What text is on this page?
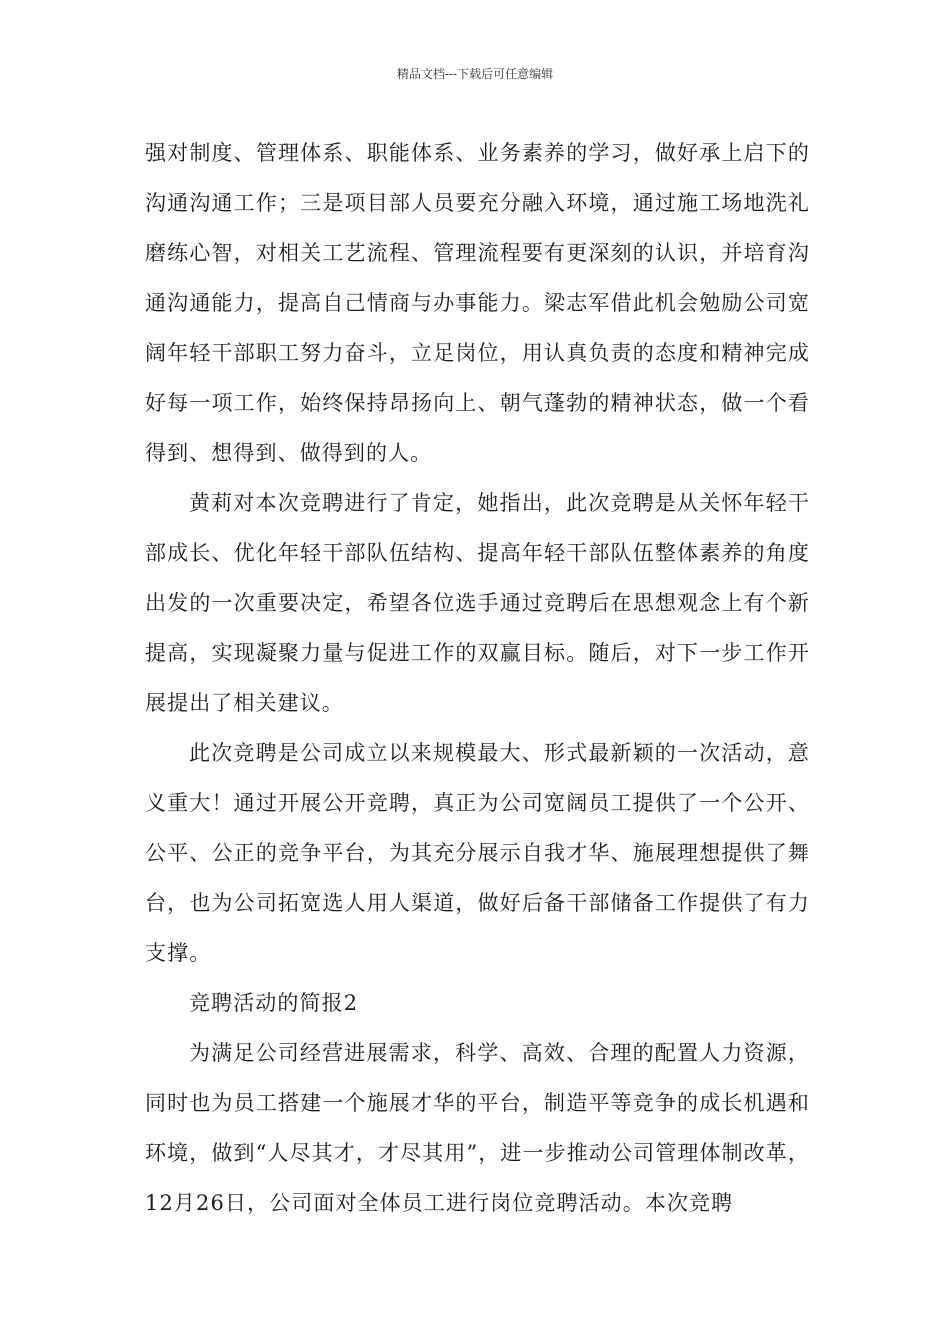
精品文档---下载后可任意编辑

强对制度、管理体系、职能体系、业务素养的学习，做好承上启下的沟通沟通工作；三是项目部人员要充分融入环境，通过施工场地洗礼磨练心智，对相关工艺流程、管理流程要有更深刻的认识，并培育沟通沟通能力，提高自己情商与办事能力。梁志军借此机会勉励公司宽阔年轻干部职工努力奋斗，立足岗位，用认真负责的态度和精神完成好每一项工作，始终保持昂扬向上、朝气蓬勃的精神状态，做一个看得到、想得到、做得到的人。

黄莉对本次竞聘进行了肯定，她指出，此次竞聘是从关怀年轻干部成长、优化年轻干部队伍结构、提高年轻干部队伍整体素养的角度出发的一次重要决定，希望各位选手通过竞聘后在思想观念上有个新提高，实现凝聚力量与促进工作的双赢目标。随后，对下一步工作开展提出了相关建议。

此次竞聘是公司成立以来规模最大、形式最新颖的一次活动，意义重大！通过开展公开竞聘，真正为公司宽阔员工提供了一个公开、公平、公正的竞争平台，为其充分展示自我才华、施展理想提供了舞台，也为公司拓宽选人用人渠道，做好后备干部储备工作提供了有力支撑。

竞聘活动的简报2

为满足公司经营进展需求，科学、高效、合理的配置人力资源，同时也为员工搭建一个施展才华的平台，制造平等竞争的成长机遇和环境，做到“人尽其才，才尽其用”，进一步推动公司管理体制改革，12月26日，公司面对全体员工进行岗位竞聘活动。本次竞聘
